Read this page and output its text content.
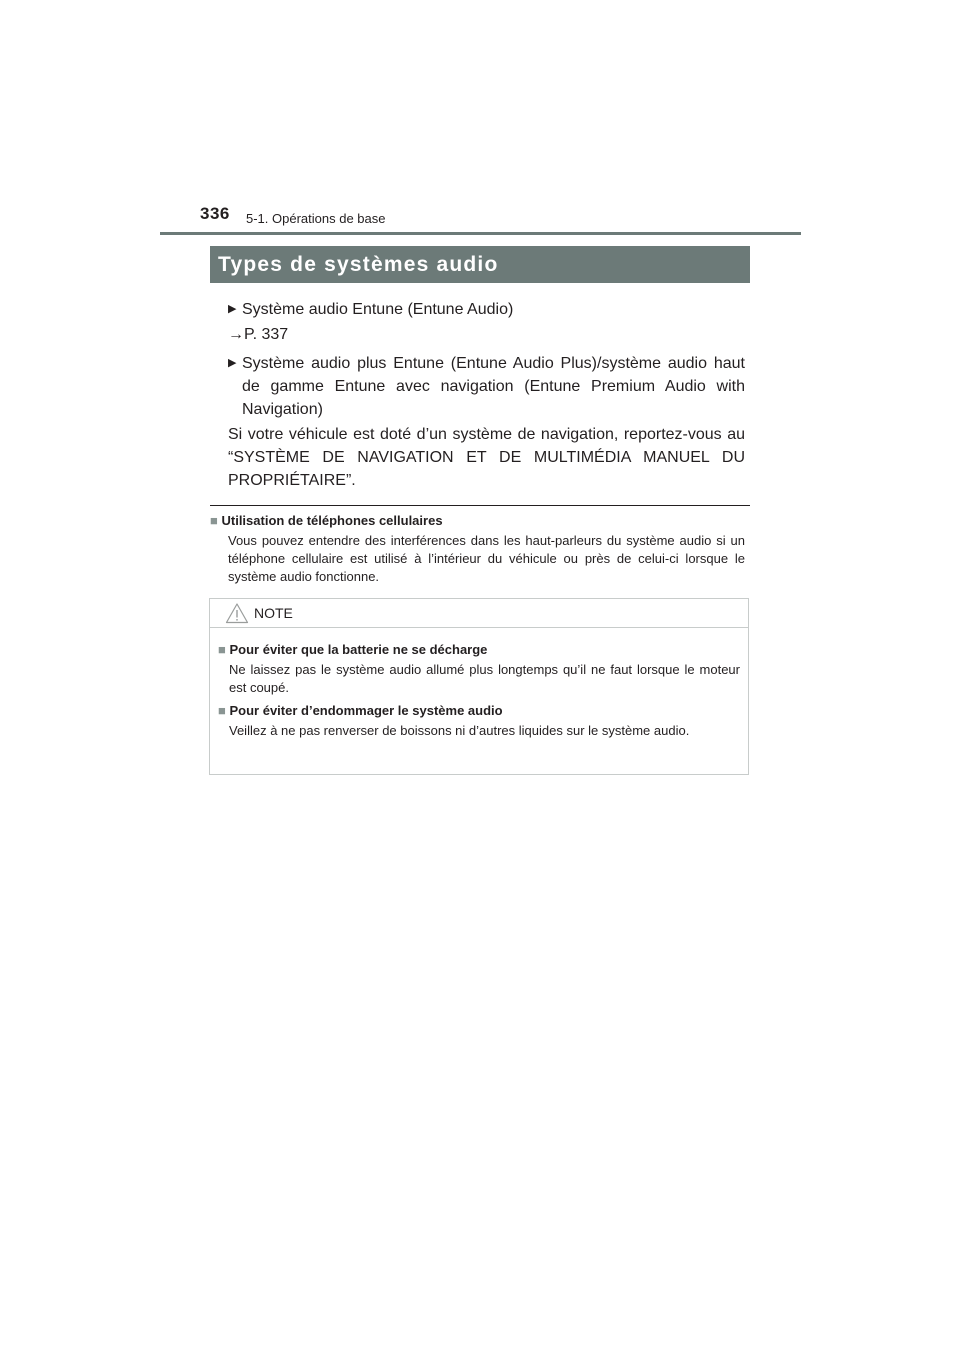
336 5-1. Opérations de base
Types de systèmes audio
▶ Système audio Entune (Entune Audio)
→P. 337
▶ Système audio plus Entune (Entune Audio Plus)/système audio haut de gamme Entune avec navigation (Entune Premium Audio with Navigation)
Si votre véhicule est doté d’un système de navigation, reportez-vous au “SYSTÈME DE NAVIGATION ET DE MULTIMÉDIA MANUEL DU PROPRIÉTAIRE”.
■ Utilisation de téléphones cellulaires
Vous pouvez entendre des interférences dans les haut-parleurs du système audio si un téléphone cellulaire est utilisé à l’intérieur du véhicule ou près de celui-ci lorsque le système audio fonctionne.
NOTE
■ Pour éviter que la batterie ne se décharge
Ne laissez pas le système audio allumé plus longtemps qu’il ne faut lorsque le moteur est coupé.
■ Pour éviter d’endommager le système audio
Veillez à ne pas renverser de boissons ni d’autres liquides sur le système audio.
